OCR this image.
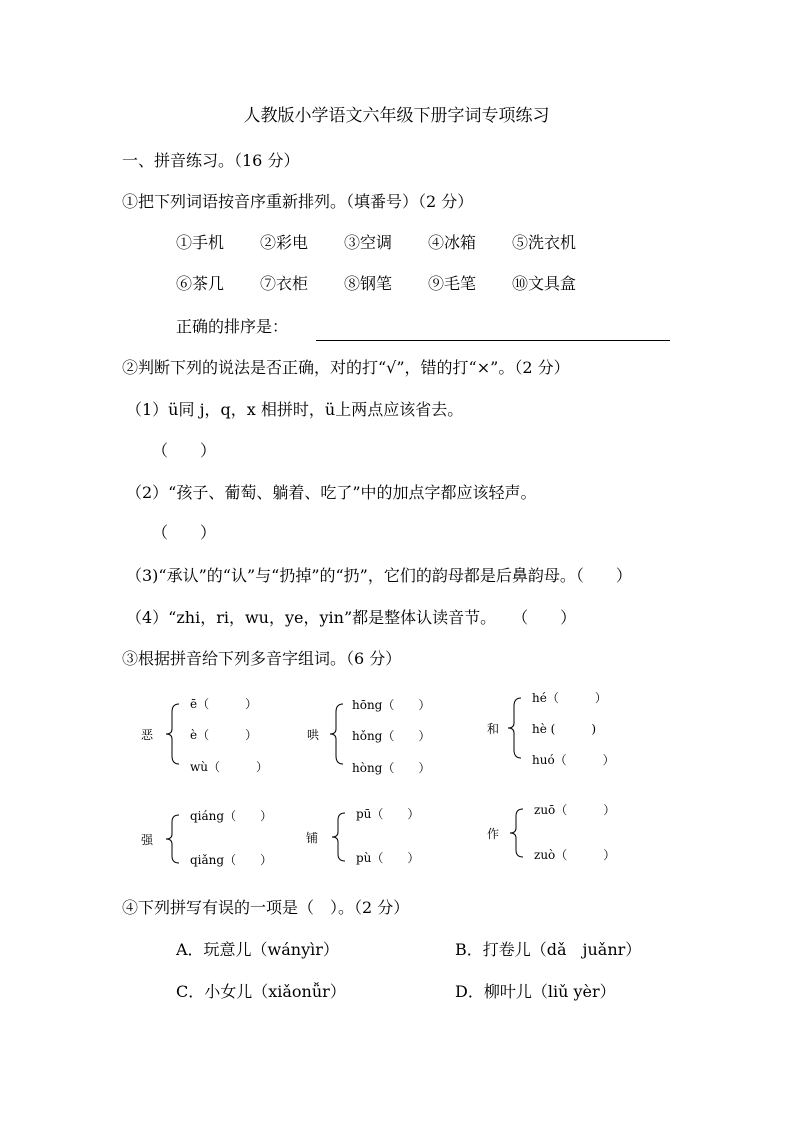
人教版小学语文六年级下册字词专项练习
一、拼音练习。（16 分）
①把下列词语按音序重新排列。（填番号）（2 分）
①手机 ②彩电 ③空调 ④冰箱 ⑤洗衣机
⑥茶几 ⑦衣柜 ⑧钢笔 ⑨毛笔 ⑩文具盒
正确的排序是：
②判断下列的说法是否正确，对的打“√”，错的打“×”。（2 分）
（1）ü同 j，q，x 相拼时，ü上两点应该省去。
（　　）
（2）“孩子、葡萄、躺着、吃了”中的加点字都应该轻声。
（　　）
（3)“承认”的“认”与“扔掉”的“扔”，它们的韵母都是后鼻韵母。（　　）
（4）“zhi，ri，wu，ye，yin”都是整体认读音节。　　（　　）
③根据拼音给下列多音字组词。（6 分）
恶
ē（　　　）
è（　　　）
wù（　　　）
哄
hōng（　　）
hǒng（　　）
hòng（　　）
和
hé（　　　）
hè (　　　)
huó（　　　）
强
qiáng（　　）
qiǎng（　　）
铺
pū（　　）
pù（　　）
作
zuō（　　　）
zuò（　　　）
④下列拼写有误的一项是（　）。（2 分）
A．玩意儿（wányìr）	B．打卷儿（dǎ　juǎnr）
C．小女儿（xiǎonǚr）	D．柳叶儿（liǔ yèr）
